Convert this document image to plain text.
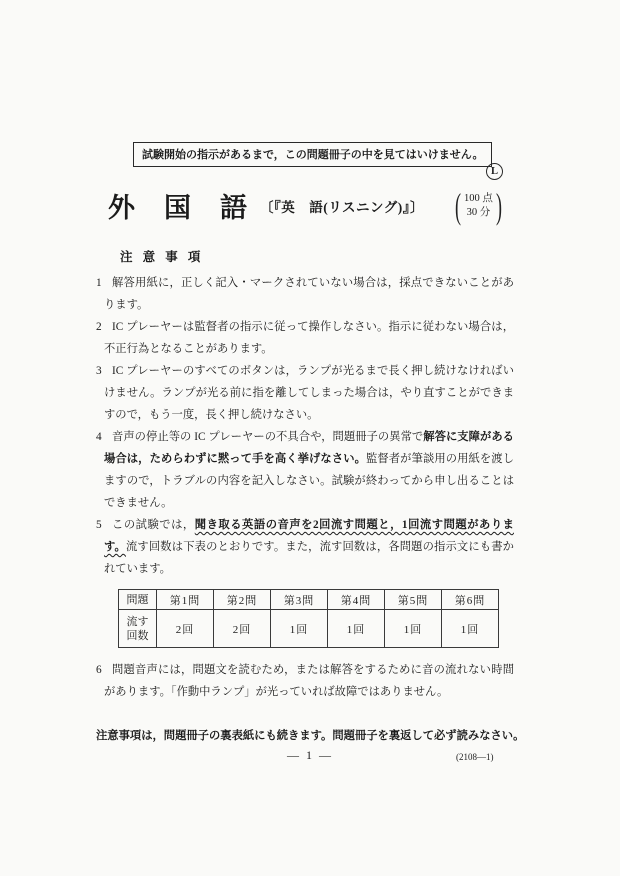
試験開始の指示があるまで，この問題冊子の中を見てはいけません。
L
外　国　語 〔『英　語(リスニング)』〕 ( 100 点
30 分 )
注 意 事 項
1 解答用紙に，正しく記入・マークされていない場合は，採点できないことがあります。
2 IC プレーヤーは監督者の指示に従って操作しなさい。指示に従わない場合は，不正行為となることがあります。
3 IC プレーヤーのすべてのボタンは，ランプが光るまで長く押し続けなければいけません。ランプが光る前に指を離してしまった場合は，やり直すことができますので，もう一度，長く押し続けなさい。
4 音声の停止等の IC プレーヤーの不具合や，問題冊子の異常で解答に支障がある場合は，ためらわずに黙って手を高く挙げなさい。監督者が筆談用の用紙を渡しますので，トラブルの内容を記入しなさい。試験が終わってから申し出ることはできません。
5 この試験では，聞き取る英語の音声を2回流す問題と，1回流す問題があります。流す回数は下表のとおりです。また，流す回数は，各問題の指示文にも書かれています。
問題	第1問	第2問	第3問	第4問	第5問	第6問
流す回数	2回	2回	1回	1回	1回	1回
6 問題音声には，問題文を読むため，または解答をするために音の流れない時間があります。「作動中ランプ」が光っていれば故障ではありません。
注意事項は，問題冊子の裏表紙にも続きます。問題冊子を裏返して必ず読みなさい。
— 1 —	(2108—1)
